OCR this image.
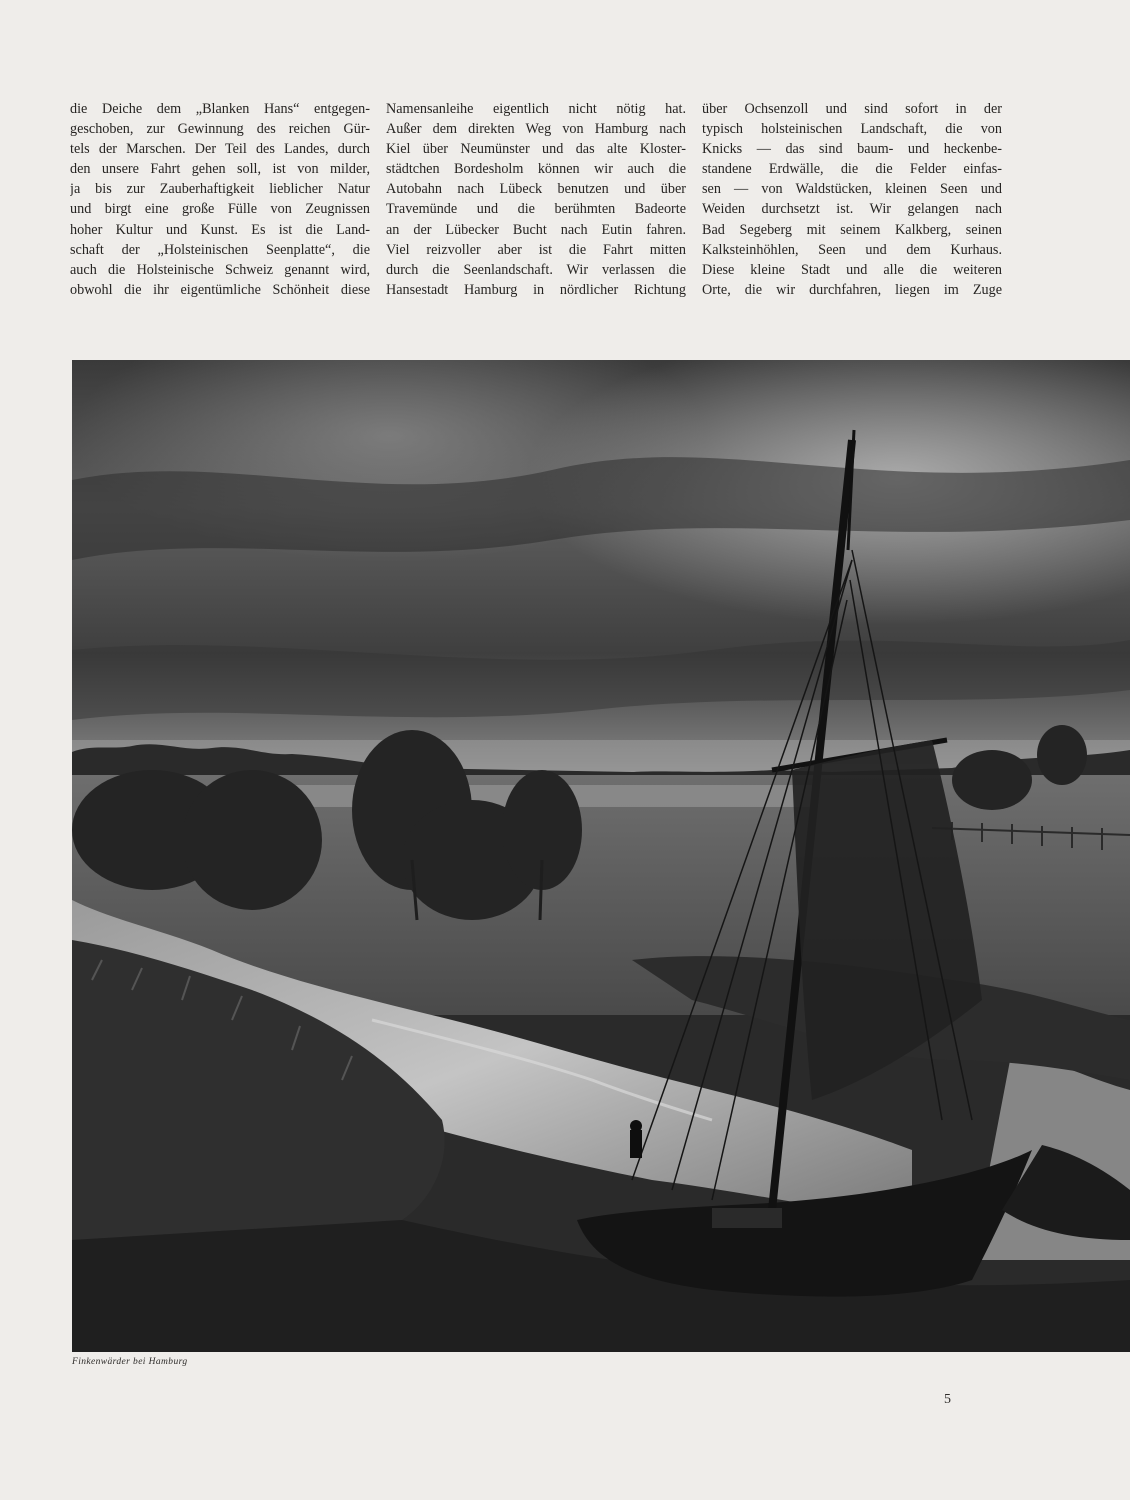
die Deiche dem „Blanken Hans“ entgegen-
geschoben, zur Gewinnung des reichen Gür-
tels der Marschen. Der Teil des Landes, durch
den unsere Fahrt gehen soll, ist von milder,
ja bis zur Zauberhaftigkeit lieblicher Natur
und birgt eine große Fülle von Zeugnissen
hoher Kultur und Kunst. Es ist die Land-
schaft der „Holsteinischen Seenplatte“, die
auch die Holsteinische Schweiz genannt wird,
obwohl die ihr eigentümliche Schönheit diese
Namensanleihe eigentlich nicht nötig hat.
Außer dem direkten Weg von Hamburg nach
Kiel über Neumünster und das alte Kloster-
städtchen Bordesholm können wir auch die
Autobahn nach Lübeck benutzen und über
Travemünde und die berühmten Badeorte
an der Lübecker Bucht nach Eutin fahren.
Viel reizvoller aber ist die Fahrt mitten
durch die Seenlandschaft. Wir verlassen die
Hansestadt Hamburg in nördlicher Richtung
über Ochsenzoll und sind sofort in der
typisch holsteinischen Landschaft, die von
Knicks — das sind baum- und heckenbe-
standene Erdwälle, die die Felder einfas-
sen — von Waldstücken, kleinen Seen und
Weiden durchsetzt ist. Wir gelangen nach
Bad Segeberg mit seinem Kalkberg, seinen
Kalksteinhöhlen, Seen und dem Kurhaus.
Diese kleine Stadt und alle die weiteren
Orte, die wir durchfahren, liegen im Zuge
Finkenwärder bei Hamburg
5
